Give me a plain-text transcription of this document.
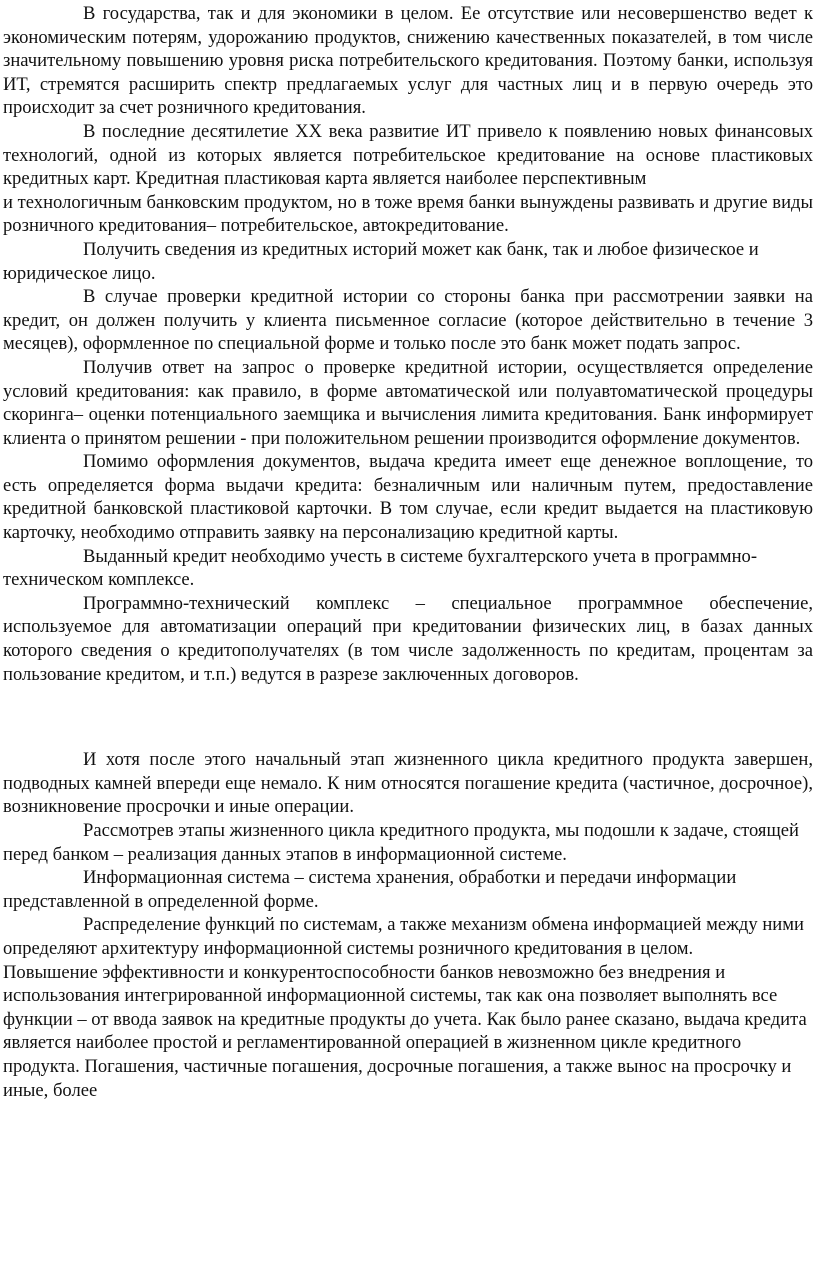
В государства, так и для экономики в целом. Ее отсутствие или несовершенство ведет к экономическим потерям, удорожанию продуктов, снижению качественных показателей, в том числе значительному повышению уровня риска потребительского кредитования. Поэтому банки, используя ИТ, стремятся расширить спектр предлагаемых услуг для частных лиц и в первую очередь это происходит за счет розничного кредитования.

В последние десятилетие XX века развитие ИТ привело к появлению новых финансовых технологий, одной из которых является потребительское кредитование на основе пластиковых кредитных карт. Кредитная пластиковая карта является наиболее перспективным

и технологичным банковским продуктом, но в тоже время банки вынуждены развивать и другие виды розничного кредитования– потребительское, автокредитование.

Получить сведения из кредитных историй может как банк, так и любое физическое и юридическое лицо.

В случае проверки кредитной истории со стороны банка при рассмотрении заявки на кредит, он должен получить у клиента письменное согласие (которое действительно в течение 3 месяцев), оформленное по специальной форме и только после это банк может подать запрос.

Получив ответ на запрос о проверке кредитной истории, осуществляется определение условий кредитования: как правило, в форме автоматической или полуавтоматической процедуры скоринга– оценки потенциального заемщика и вычисления лимита кредитования. Банк информирует клиента о принятом решении - при положительном решении производится оформление документов.

Помимо оформления документов, выдача кредита имеет еще денежное воплощение, то есть определяется форма выдачи кредита: безналичным или наличным путем, предоставление кредитной банковской пластиковой карточки. В том случае, если кредит выдается на пластиковую карточку, необходимо отправить заявку на персонализацию кредитной карты.

Выданный кредит необходимо учесть в системе бухгалтерского учета в программно-техническом комплексе.

Программно-технический комплекс – специальное программное обеспечение, используемое для автоматизации операций при кредитовании физических лиц, в базах данных которого сведения о кредитополучателях (в том числе задолженность по кредитам, процентам за пользование кредитом, и т.п.) ведутся в разрезе заключенных договоров.

И хотя после этого начальный этап жизненного цикла кредитного продукта завершен, подводных камней впереди еще немало. К ним относятся погашение кредита (частичное, досрочное), возникновение просрочки и иные операции.

Рассмотрев этапы жизненного цикла кредитного продукта, мы подошли к задаче, стоящей перед банком – реализация данных этапов в информационной системе.

Информационная система – система хранения, обработки и передачи информации представленной в определенной форме.

Распределение функций по системам, а также механизм обмена информацией между ними определяют архитектуру информационной системы розничного кредитования в целом.

Повышение эффективности и конкурентоспособности банков невозможно без внедрения и использования интегрированной информационной системы, так как она позволяет выполнять все функции – от ввода заявок на кредитные продукты до учета. Как было ранее сказано, выдача кредита является наиболее простой и регламентированной операцией в жизненном цикле кредитного продукта. Погашения, частичные погашения, досрочные погашения, а также вынос на просрочку и иные, более
